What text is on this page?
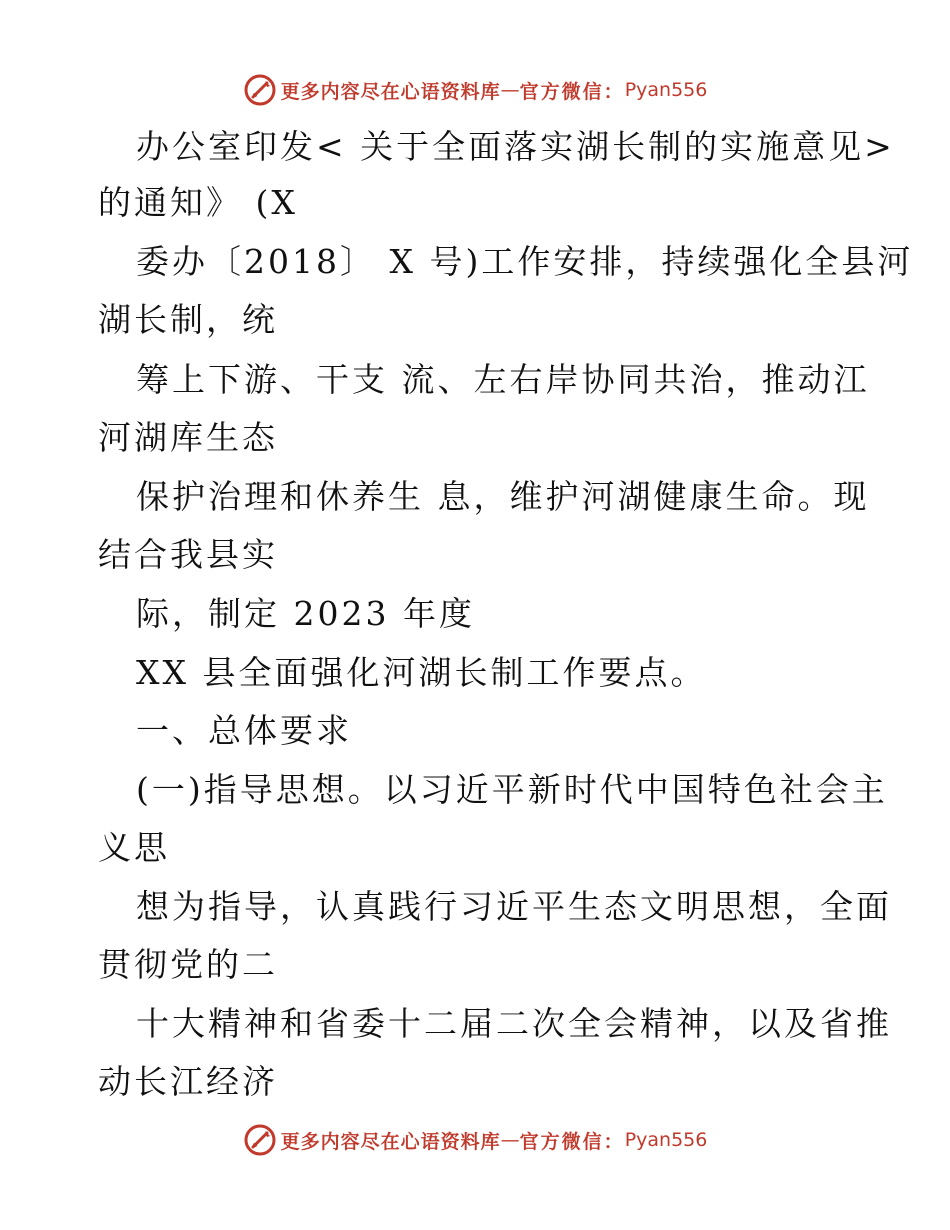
更多内容尽在心语资料库 — 官方微信： Pyan556
办公室印发< 关于全面落实湖长制的实施意见>
的通知》 (X
委办〔2018〕 X 号)工作安排，持续强化全县河
湖长制，统
筹上下游、干支 流、左右岸协同共治，推动江
河湖库生态
保护治理和休养生 息，维护河湖健康生命。现
结合我县实
际，制定 2023 年度
XX 县全面强化河湖长制工作要点。
一、总体要求
(一)指导思想。以习近平新时代中国特色社会主
义思
想为指导，认真践行习近平生态文明思想，全面
贯彻党的二
十大精神和省委十二届二次全会精神，以及省推
动长江经济
更多内容尽在心语资料库 — 官方微信： Pyan556
